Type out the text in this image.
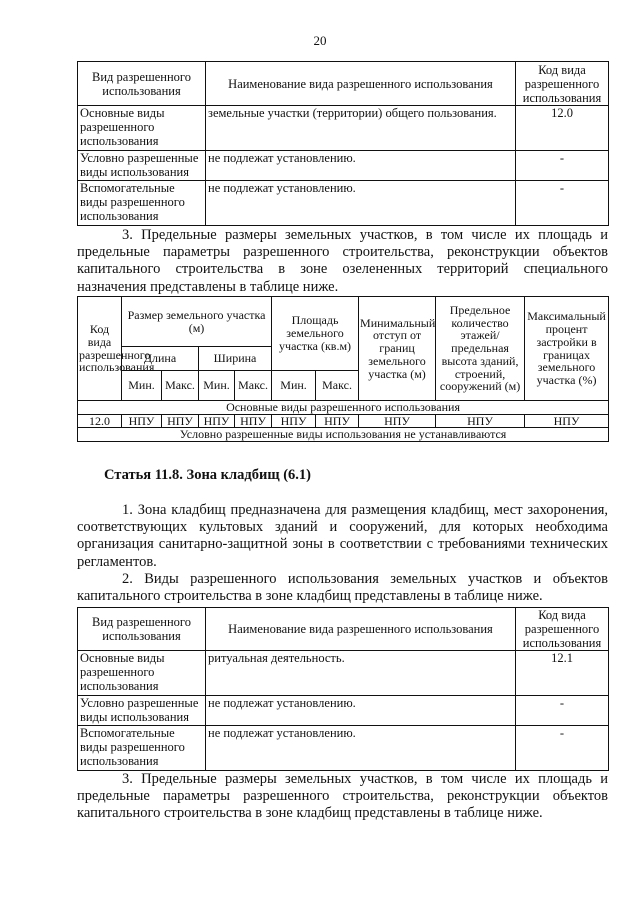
20
Вид разрешенного использования	Наименование вида разрешенного использования	Код вида разрешенного использования
Основные виды разрешенного использования	земельные участки (территории) общего пользования.	12.0
Условно разрешенные виды использования	не подлежат установлению.	-
Вспомогательные виды разрешенного использования	не подлежат установлению.	-

3. Предельные размеры земельных участков, в том числе их площадь и предельные параметры разрешенного строительства, реконструкции объектов капитального строительства в зоне озелененных территорий специального назначения представлены в таблице ниже.

Код вида разрешенного использования	Размер земельного участка (м)				Площадь земельного участка (кв.м)		Минимальный отступ от границ земельного участка (м)	Предельное количество этажей/ предельная высота зданий, строений, сооружений (м)	Максимальный процент застройки в границах земельного участка (%)
	Длина		Ширина						
	Мин.	Макс.	Мин.	Макс.	Мин.	Макс.			
Основные виды разрешенного использования									
12.0	НПУ	НПУ	НПУ	НПУ	НПУ	НПУ	НПУ	НПУ	НПУ
Условно разрешенные виды использования не устанавливаются									

Статья 11.8. Зона кладбищ (6.1)

1. Зона кладбищ предназначена для размещения кладбищ, мест захоронения, соответствующих культовых зданий и сооружений, для которых необходима организация санитарно-защитной зоны в соответствии с требованиями технических регламентов.

2. Виды разрешенного использования земельных участков и объектов капитального строительства в зоне кладбищ представлены в таблице ниже.

Вид разрешенного использования	Наименование вида разрешенного использования	Код вида разрешенного использования
Основные виды разрешенного использования	ритуальная деятельность.	12.1
Условно разрешенные виды использования	не подлежат установлению.	-
Вспомогательные виды разрешенного использования	не подлежат установлению.	-

3. Предельные размеры земельных участков, в том числе их площадь и предельные параметры разрешенного строительства, реконструкции объектов капитального строительства в зоне кладбищ представлены в таблице ниже.
